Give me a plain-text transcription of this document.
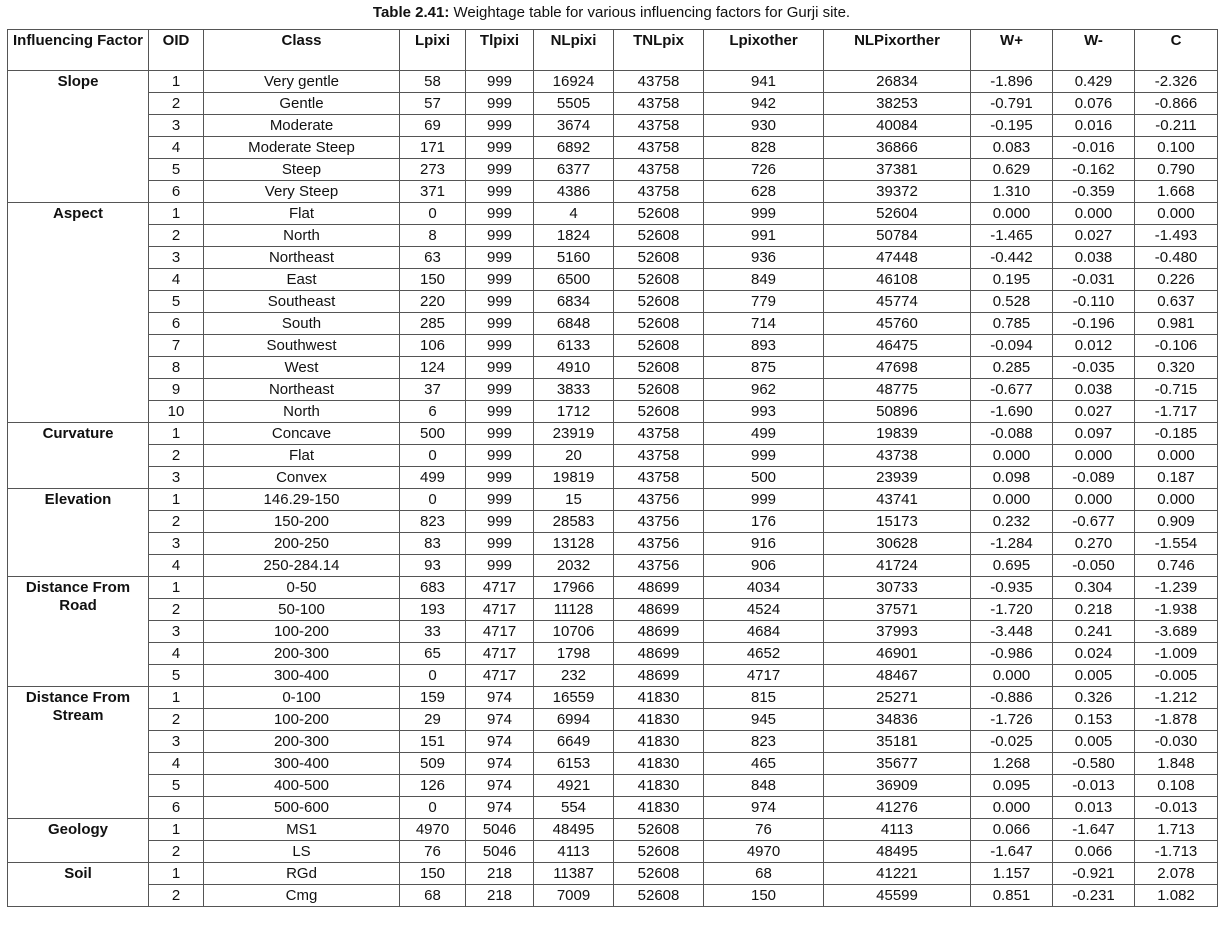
Table 2.41: Weightage table for various influencing factors for Gurji site.
Influencing Factor	OID	Class	Lpixi	Tlpixi	NLpixi	TNLpix	Lpixother	NLPixorther	W+	W-	C
Slope	1	Very gentle	58	999	16924	43758	941	26834	-1.896	0.429	-2.326
	2	Gentle	57	999	5505	43758	942	38253	-0.791	0.076	-0.866
	3	Moderate	69	999	3674	43758	930	40084	-0.195	0.016	-0.211
	4	Moderate Steep	171	999	6892	43758	828	36866	0.083	-0.016	0.100
	5	Steep	273	999	6377	43758	726	37381	0.629	-0.162	0.790
	6	Very Steep	371	999	4386	43758	628	39372	1.310	-0.359	1.668
Aspect	1	Flat	0	999	4	52608	999	52604	0.000	0.000	0.000
	2	North	8	999	1824	52608	991	50784	-1.465	0.027	-1.493
	3	Northeast	63	999	5160	52608	936	47448	-0.442	0.038	-0.480
	4	East	150	999	6500	52608	849	46108	0.195	-0.031	0.226
	5	Southeast	220	999	6834	52608	779	45774	0.528	-0.110	0.637
	6	South	285	999	6848	52608	714	45760	0.785	-0.196	0.981
	7	Southwest	106	999	6133	52608	893	46475	-0.094	0.012	-0.106
	8	West	124	999	4910	52608	875	47698	0.285	-0.035	0.320
	9	Northeast	37	999	3833	52608	962	48775	-0.677	0.038	-0.715
	10	North	6	999	1712	52608	993	50896	-1.690	0.027	-1.717
Curvature	1	Concave	500	999	23919	43758	499	19839	-0.088	0.097	-0.185
	2	Flat	0	999	20	43758	999	43738	0.000	0.000	0.000
	3	Convex	499	999	19819	43758	500	23939	0.098	-0.089	0.187
Elevation	1	146.29-150	0	999	15	43756	999	43741	0.000	0.000	0.000
	2	150-200	823	999	28583	43756	176	15173	0.232	-0.677	0.909
	3	200-250	83	999	13128	43756	916	30628	-1.284	0.270	-1.554
	4	250-284.14	93	999	2032	43756	906	41724	0.695	-0.050	0.746
Distance From Road	1	0-50	683	4717	17966	48699	4034	30733	-0.935	0.304	-1.239
	2	50-100	193	4717	11128	48699	4524	37571	-1.720	0.218	-1.938
	3	100-200	33	4717	10706	48699	4684	37993	-3.448	0.241	-3.689
	4	200-300	65	4717	1798	48699	4652	46901	-0.986	0.024	-1.009
	5	300-400	0	4717	232	48699	4717	48467	0.000	0.005	-0.005
Distance From Stream	1	0-100	159	974	16559	41830	815	25271	-0.886	0.326	-1.212
	2	100-200	29	974	6994	41830	945	34836	-1.726	0.153	-1.878
	3	200-300	151	974	6649	41830	823	35181	-0.025	0.005	-0.030
	4	300-400	509	974	6153	41830	465	35677	1.268	-0.580	1.848
	5	400-500	126	974	4921	41830	848	36909	0.095	-0.013	0.108
	6	500-600	0	974	554	41830	974	41276	0.000	0.013	-0.013
Geology	1	MS1	4970	5046	48495	52608	76	4113	0.066	-1.647	1.713
	2	LS	76	5046	4113	52608	4970	48495	-1.647	0.066	-1.713
Soil	1	RGd	150	218	11387	52608	68	41221	1.157	-0.921	2.078
	2	Cmg	68	218	7009	52608	150	45599	0.851	-0.231	1.082
